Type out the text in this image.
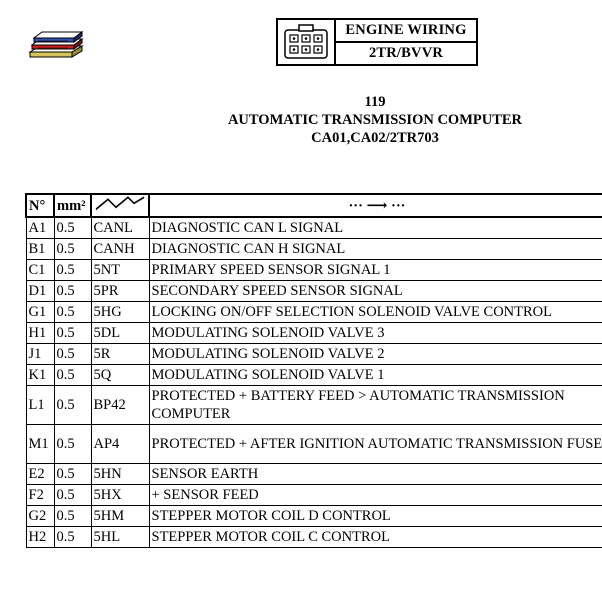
ENGINE WIRING
2TR/BVVR
119
AUTOMATIC TRANSMISSION COMPUTER
CA01,CA02/2TR703
N°	mm²		··· ⟶ ···
A1	0.5	CANL	DIAGNOSTIC CAN L SIGNAL
B1	0.5	CANH	DIAGNOSTIC CAN H SIGNAL
C1	0.5	5NT	PRIMARY SPEED SENSOR SIGNAL 1
D1	0.5	5PR	SECONDARY SPEED SENSOR SIGNAL
G1	0.5	5HG	LOCKING ON/OFF SELECTION SOLENOID VALVE CONTROL
H1	0.5	5DL	MODULATING SOLENOID VALVE 3
J1	0.5	5R	MODULATING SOLENOID VALVE 2
K1	0.5	5Q	MODULATING SOLENOID VALVE 1
L1	0.5	BP42	PROTECTED + BATTERY FEED > AUTOMATIC TRANSMISSION COMPUTER
M1	0.5	AP4	PROTECTED + AFTER IGNITION AUTOMATIC TRANSMISSION FUSE
E2	0.5	5HN	SENSOR EARTH
F2	0.5	5HX	+ SENSOR FEED
G2	0.5	5HM	STEPPER MOTOR COIL D CONTROL
H2	0.5	5HL	STEPPER MOTOR COIL C CONTROL
